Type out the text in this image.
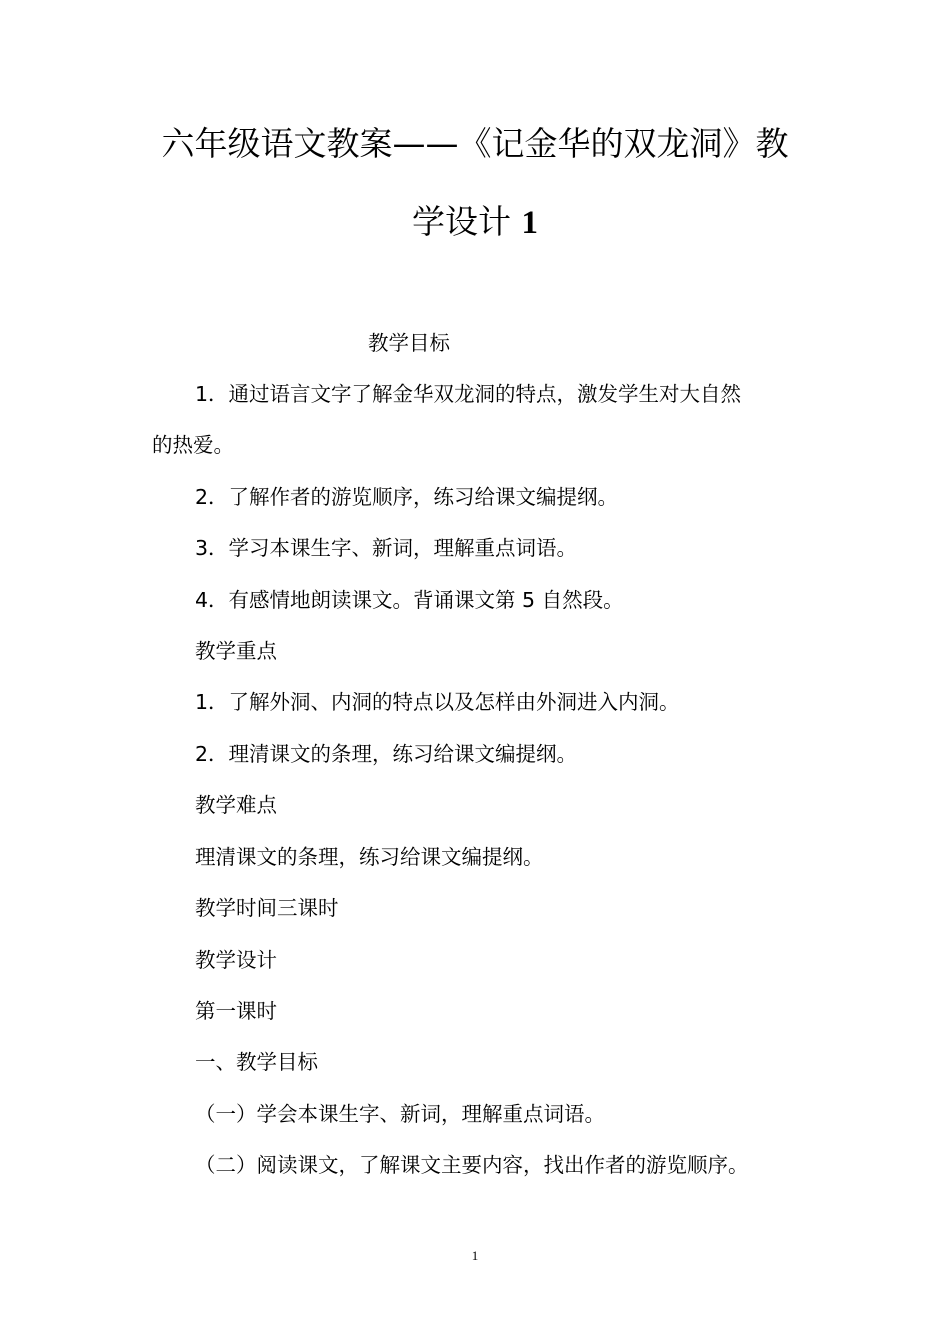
六年级语文教案——《记金华的双龙洞》教
学设计 1
教学目标
1．通过语言文字了解金华双龙洞的特点，激发学生对大自然
的热爱。
2．了解作者的游览顺序，练习给课文编提纲。
3．学习本课生字、新词，理解重点词语。
4．有感情地朗读课文。背诵课文第 5 自然段。
教学重点
1．了解外洞、内洞的特点以及怎样由外洞进入内洞。
2．理清课文的条理，练习给课文编提纲。
教学难点
理清课文的条理，练习给课文编提纲。
教学时间三课时
教学设计
第一课时
一、教学目标
（一）学会本课生字、新词，理解重点词语。
（二）阅读课文，了解课文主要内容，找出作者的游览顺序。
1
